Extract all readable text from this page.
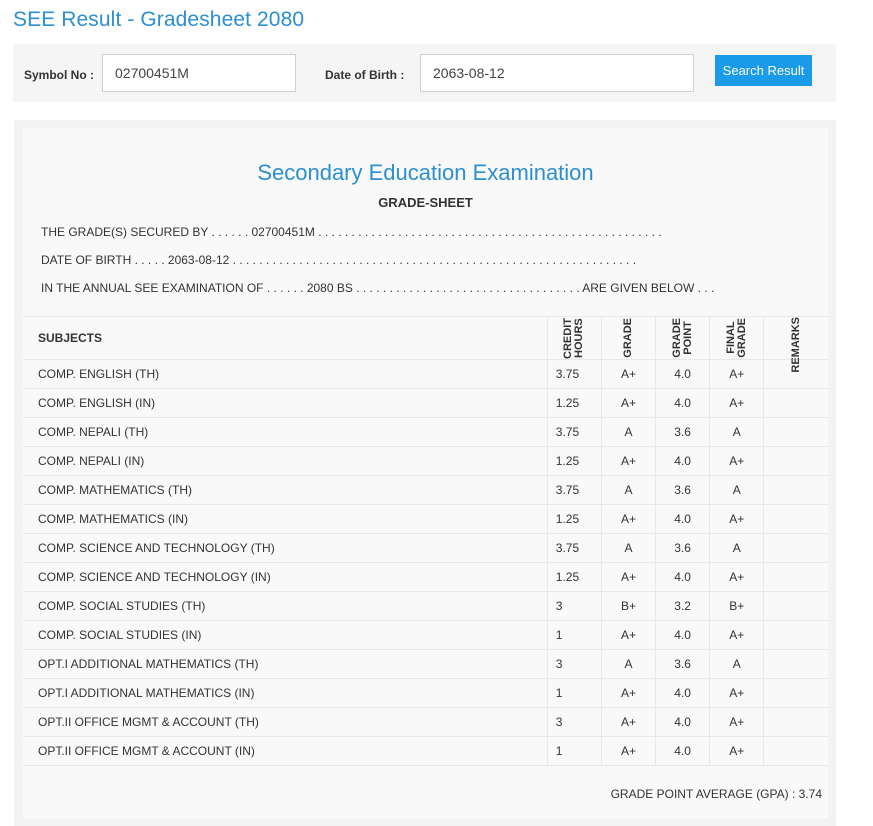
SEE Result - Gradesheet 2080
Symbol No :
02700451M	Date of Birth :
2063-08-12	Search Result
Secondary Education Examination
GRADE-SHEET
THE GRADE(S) SECURED BY . . . . . . 02700451M . . . . . . . . . . . . . . . . . . . . . . . . . . . . . . . . . . . . . . . . . . . . . . . . . . . .
DATE OF BIRTH . . . . . 2063-08-12 . . . . . . . . . . . . . . . . . . . . . . . . . . . . . . . . . . . . . . . . . . . . . . . . . . . . . . . . . . . . .
IN THE ANNUAL SEE EXAMINATION OF . . . . . . 2080 BS . . . . . . . . . . . . . . . . . . . . . . . . . . . . . . . . . . ARE GIVEN BELOW . . .
SUBJECTS	CREDIT HOURS	GRADE	GRADE POINT	FINAL GRADE	REMARKS

COMP. ENGLISH (TH)	3.75	A+	4.0	A+	
COMP. ENGLISH (IN)	1.25	A+	4.0	A+	
COMP. NEPALI (TH)	3.75	A	3.6	A	
COMP. NEPALI (IN)	1.25	A+	4.0	A+	
COMP. MATHEMATICS (TH)	3.75	A	3.6	A	
COMP. MATHEMATICS (IN)	1.25	A+	4.0	A+	
COMP. SCIENCE AND TECHNOLOGY (TH)	3.75	A	3.6	A	
COMP. SCIENCE AND TECHNOLOGY (IN)	1.25	A+	4.0	A+	
COMP. SOCIAL STUDIES (TH)	3	B+	3.2	B+	
COMP. SOCIAL STUDIES (IN)	1	A+	4.0	A+	
OPT.I ADDITIONAL MATHEMATICS (TH)	3	A	3.6	A	
OPT.I ADDITIONAL MATHEMATICS (IN)	1	A+	4.0	A+	
OPT.II OFFICE MGMT & ACCOUNT (TH)	3	A+	4.0	A+	
OPT.II OFFICE MGMT & ACCOUNT (IN)	1	A+	4.0	A+	
GRADE POINT AVERAGE (GPA) : 3.74
